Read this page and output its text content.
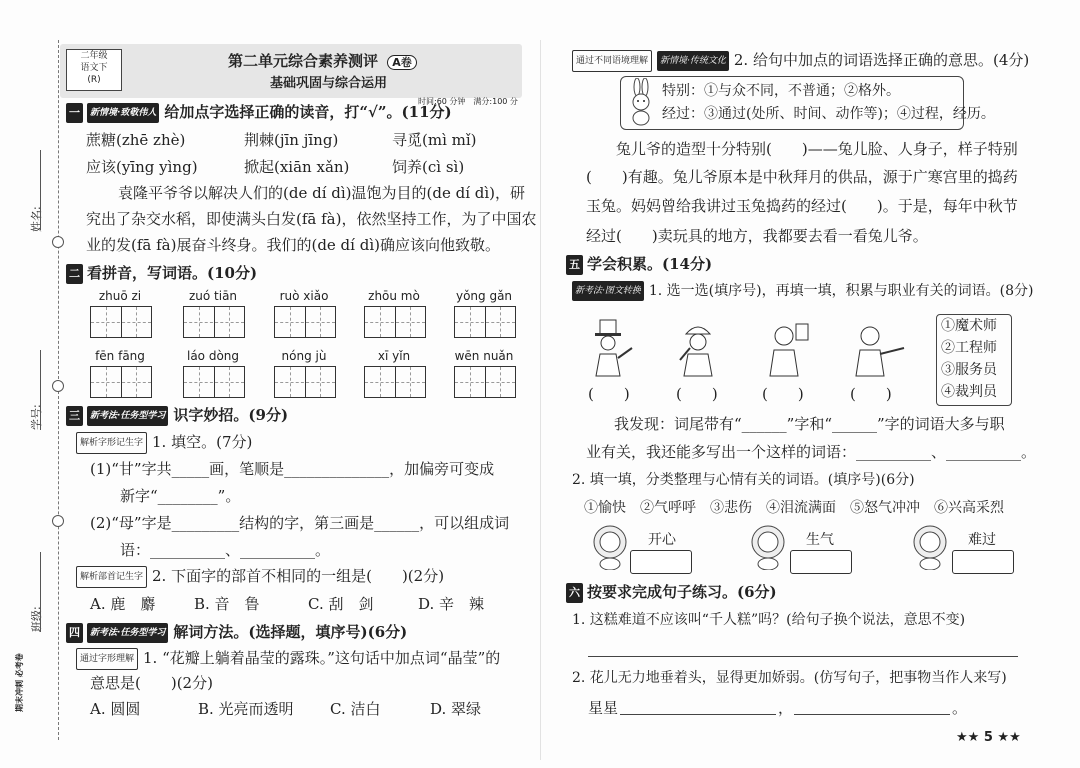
姓名:
学号:
班级:
期末冲刺 必考卷
二年级
语文下
(R)
第二单元综合素养测评 A卷
基础巩固与综合运用
时间:60 分钟　满分:100 分
一 新情境·致敬伟人 给加点字选择正确的读音，打“√”。(11分)
蔗糖(zhē zhè)	荆棘(jīn jīng)	寻觅(mì mǐ)
应该(yīng yìng)	掀起(xiān xǎn)	饲养(cì sì)
袁隆平爷爷以解决人们的(de dí dì)温饱为目的(de dí dì)，研
究出了杂交水稻，即使满头白发(fā fà)，依然坚持工作，为了中国农
业的发(fā fà)展奋斗终身。我们的(de dí dì)确应该向他致敬。
二 看拼音，写词语。(10分)
zhuō zi	zuó tiān	ruò xiǎo	zhōu mò	yǒng gǎn
fēn fāng	láo dòng	nóng jù	xī yǐn	wēn nuǎn
三 新考法·任务型学习 识字妙招。(9分)
解析字形记生字 1. 填空。(7分)
(1)“甘”字共_____画，笔顺是______________，加偏旁可变成
新字“________”。
(2)“母”字是_________结构的字，第三画是______，可以组成词
语：__________、__________。
解析部首记生字 2. 下面字的部首不相同的一组是(　　)(2分)
A. 鹿　麝	B. 音　鲁	C. 刮　剑	D. 辛　辣
四 新考法·任务型学习 解词方法。(选择题，填序号)(6分)
通过字形理解 1. “花瓣上躺着晶莹的露珠。”这句话中加点词“晶莹”的
意思是(　　)(2分)
A. 圆圆	B. 光亮而透明 C. 洁白	D. 翠绿
通过不同语境理解 新情境·传统文化 2. 给句中加点的词语选择正确的意思。(4分)
特别：①与众不同，不普通；②格外。
经过：③通过(处所、时间、动作等)；④过程，经历。
兔儿爷的造型十分特别(　　)——兔儿脸、人身子，样子特别
(　　)有趣。兔儿爷原本是中秋拜月的供品，源于广寒宫里的捣药
玉兔。妈妈曾给我讲过玉兔捣药的经过(　　)。于是，每年中秋节
经过(　　)卖玩具的地方，我都要去看一看兔儿爷。
五 学会积累。(14分)
新考法·图文转换 1. 选一选(填序号)，再填一填，积累与职业有关的词语。(8分)
①魔术师
②工程师
③服务员
④裁判员
(　　)	(　　)	(　　)	(　　)
我发现：词尾带有“______”字和“______”字的词语大多与职
业有关，我还能多写出一个这样的词语：__________、__________。
2. 填一填，分类整理与心情有关的词语。(填序号)(6分)
①愉快　②气呼呼　③悲伤　④泪流满面　⑤怒气冲冲　⑥兴高采烈
开心	生气	难过
六 按要求完成句子练习。(6分)
1. 这糕难道不应该叫“千人糕”吗？(给句子换个说法，意思不变)
2. 花儿无力地垂着头，显得更加娇弱。(仿写句子，把事物当作人来写)
星星	，	。
★★ 5 ★★
